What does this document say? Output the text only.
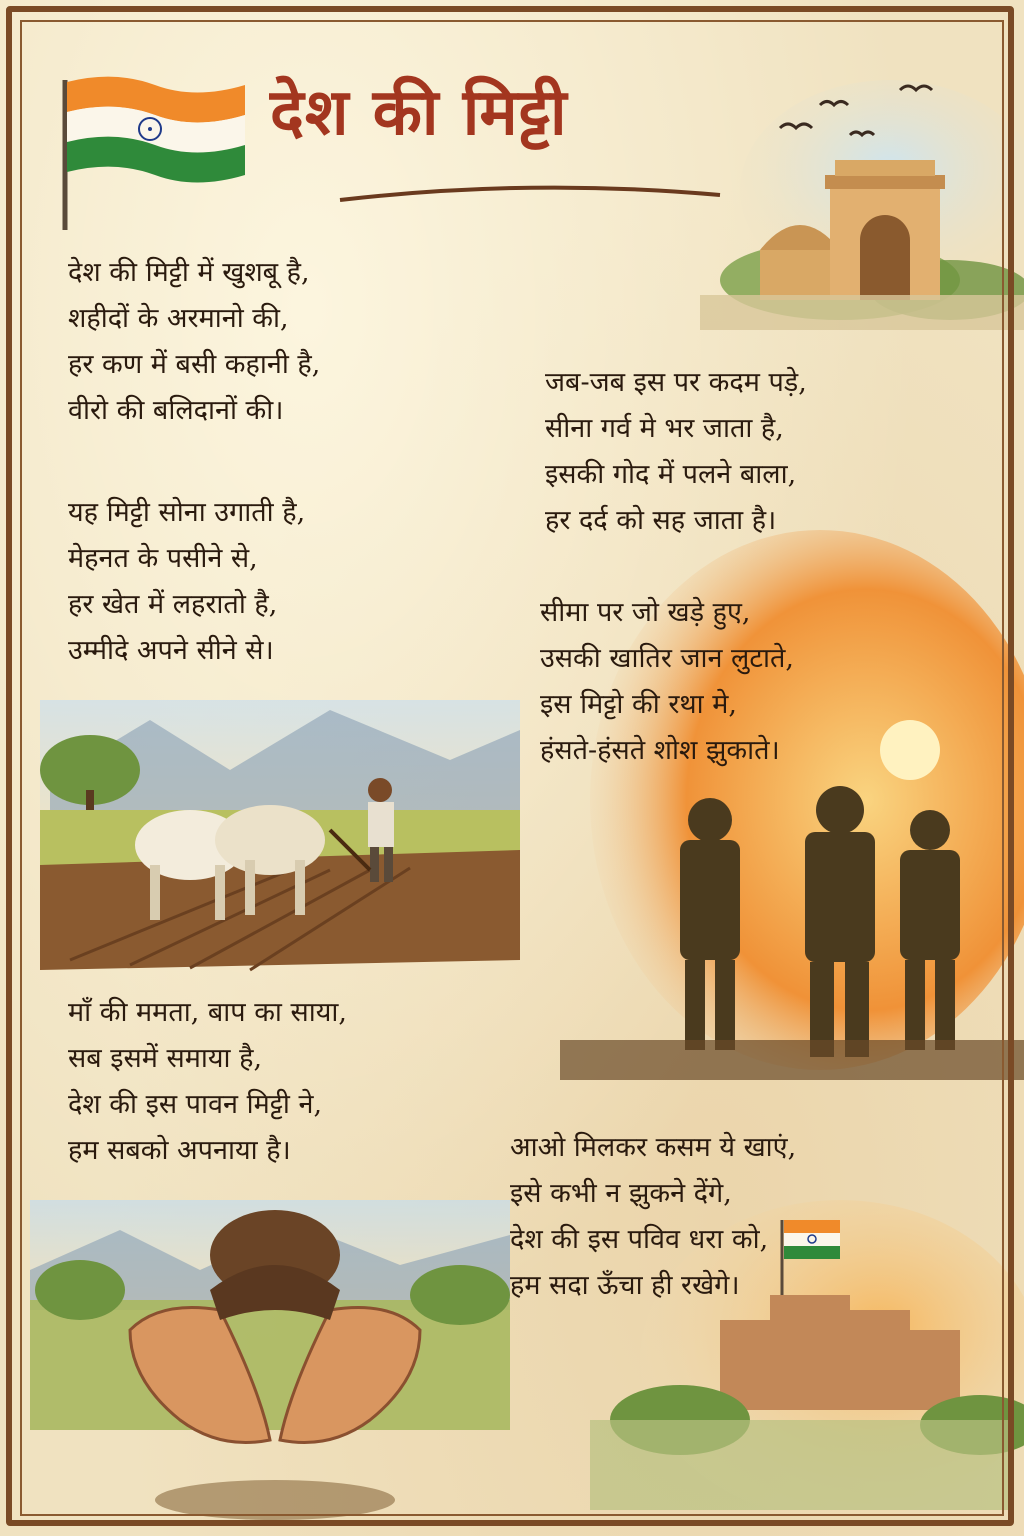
देश की मिट्टी
देश की मिट्टी में खुशबू है,
शहीदों के अरमानो की,
हर कण में बसी कहानी है,
वीरो की बलिदानों की।
यह मिट्टी सोना उगाती है,
मेहनत के पसीने से,
हर खेत में लहरातो है,
उम्मीदे अपने सीने से।
जब-जब इस पर कदम पड़े,
सीना गर्व मे भर जाता है,
इसकी गोद में पलने बाला,
हर दर्द को सह जाता है।
सीमा पर जो खड़े हुए,
उसकी खातिर जान लुटाते,
इस मिट्टो की रथा मे,
हंसते-हंसते शोश झुकाते।
माँ की ममता, बाप का साया,
सब इसमें समाया है,
देश की इस पावन मिट्टी ने,
हम सबको अपनाया है।	आओ मिलकर कसम ये खाएं,
इसे कभी न झुकने देंगे,
देश की इस पविव धरा को,
हम सदा ऊँचा ही रखेगे।
